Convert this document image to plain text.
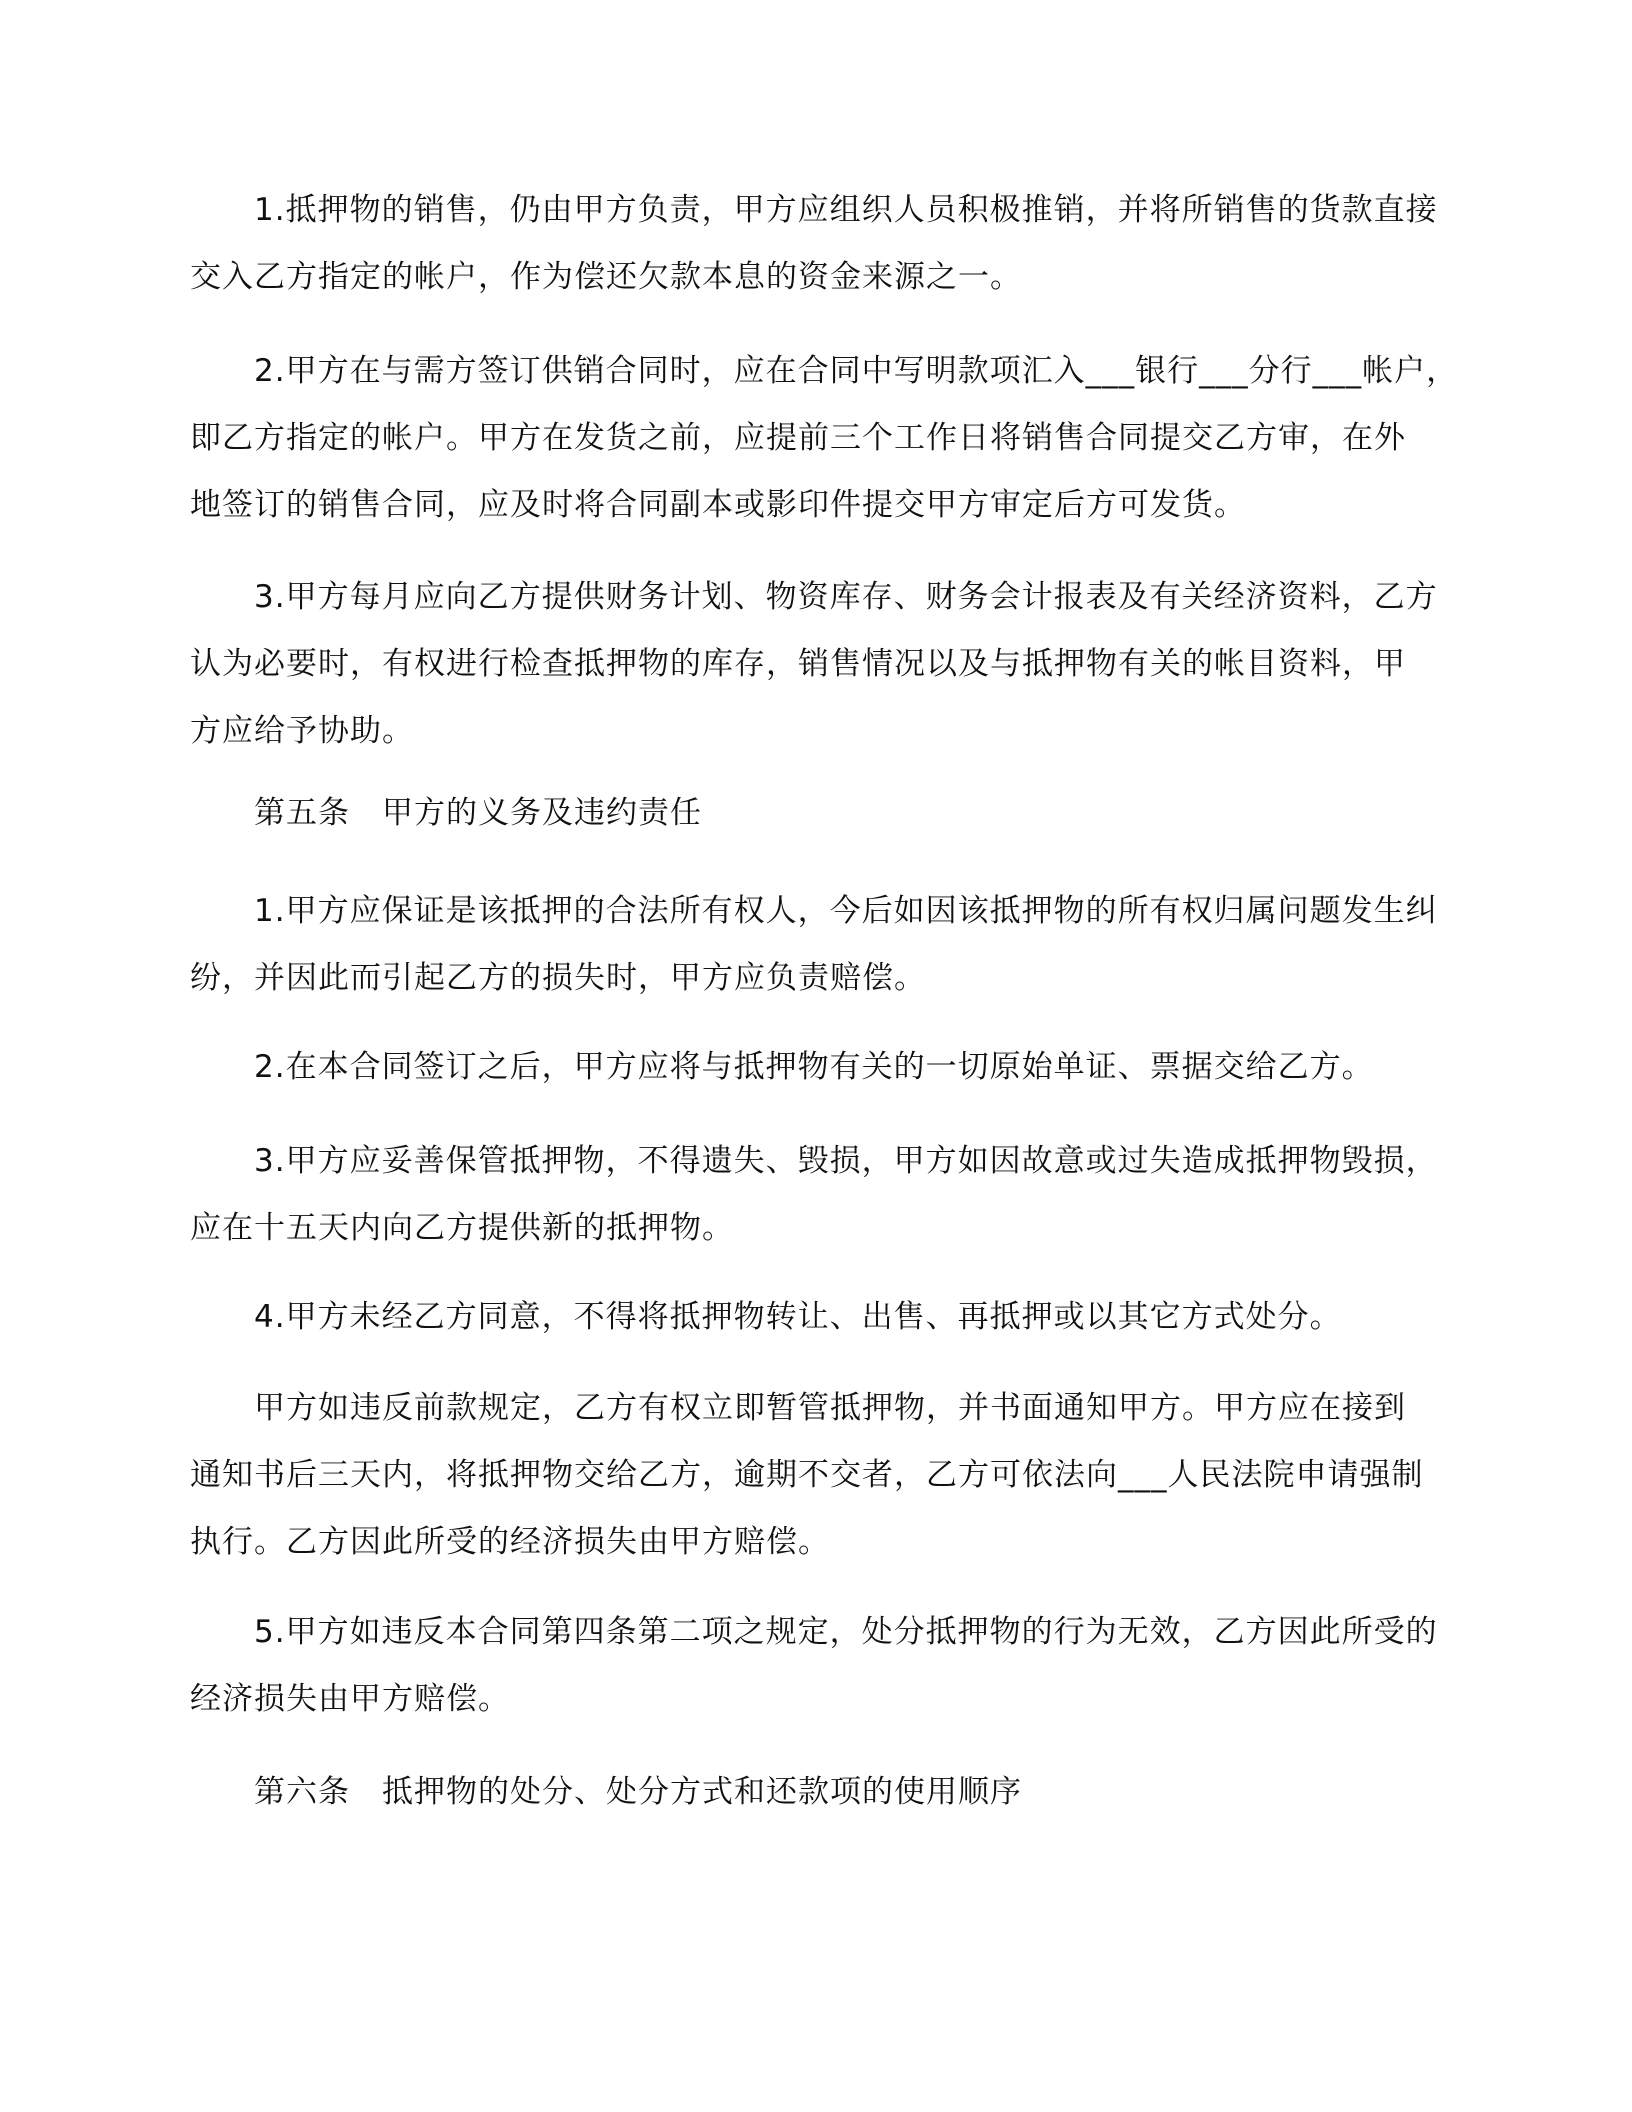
1.抵押物的销售，仍由甲方负责，甲方应组织人员积极推销，并将所销售的货款直接
交入乙方指定的帐户，作为偿还欠款本息的资金来源之一。
2.甲方在与需方签订供销合同时，应在合同中写明款项汇入___银行___分行___帐户，
即乙方指定的帐户。甲方在发货之前，应提前三个工作日将销售合同提交乙方审，在外
地签订的销售合同，应及时将合同副本或影印件提交甲方审定后方可发货。
3.甲方每月应向乙方提供财务计划、物资库存、财务会计报表及有关经济资料，乙方
认为必要时，有权进行检查抵押物的库存，销售情况以及与抵押物有关的帐目资料，甲
方应给予协助。
第五条　甲方的义务及违约责任
1.甲方应保证是该抵押的合法所有权人，今后如因该抵押物的所有权归属问题发生纠
纷，并因此而引起乙方的损失时，甲方应负责赔偿。
2.在本合同签订之后，甲方应将与抵押物有关的一切原始单证、票据交给乙方。
3.甲方应妥善保管抵押物，不得遗失、毁损，甲方如因故意或过失造成抵押物毁损，
应在十五天内向乙方提供新的抵押物。
4.甲方未经乙方同意，不得将抵押物转让、出售、再抵押或以其它方式处分。
甲方如违反前款规定，乙方有权立即暂管抵押物，并书面通知甲方。甲方应在接到
通知书后三天内，将抵押物交给乙方，逾期不交者，乙方可依法向___人民法院申请强制
执行。乙方因此所受的经济损失由甲方赔偿。
5.甲方如违反本合同第四条第二项之规定，处分抵押物的行为无效，乙方因此所受的
经济损失由甲方赔偿。
第六条　抵押物的处分、处分方式和还款项的使用顺序
